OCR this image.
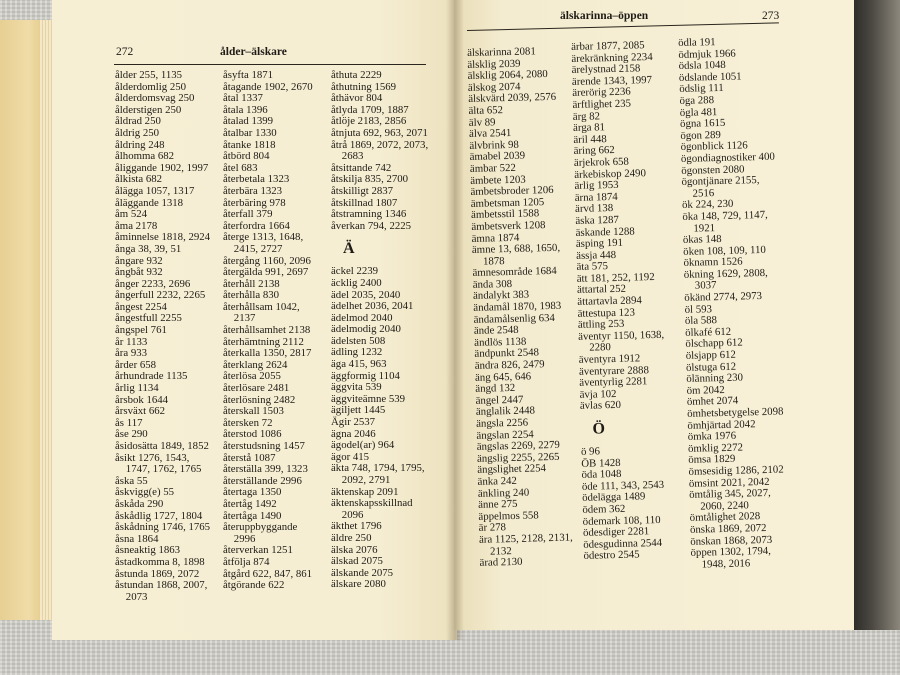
272	ålder–älskare
älskarinna–öppen	273
ålder 255, 1135
ålderdomlig 250
ålderdomsvag 250
ålderstigen 250
åldrad 250
åldrig 250
åldring 248
ålhomma 682
åliggande 1902, 1997
ålkista 682
ålägga 1057, 1317
åläggande 1318
åm 524
åma 2178
åminnelse 1818, 2924
ånga 38, 39, 51
ångare 932
ångbåt 932
ånger 2233, 2696
ångerfull 2232, 2265
ångest 2254
ångestfull 2255
ångspel 761
år 1133
åra 933
årder 658
århundrade 1135
årlig 1134
årsbok 1644
årsväxt 662
ås 117
åse 290
åsidosätta 1849, 1852
åsikt 1276, 1543,
1747, 1762, 1765
åska 55
åskvigg(e) 55
åskåda 290
åskådlig 1727, 1804
åskådning 1746, 1765
åsna 1864
åsneaktig 1863
åstadkomma 8, 1898
åstunda 1869, 2072
åstundan 1868, 2007,
2073
åsyfta 1871
åtagande 1902, 2670
åtal 1337
åtala 1396
åtalad 1399
åtalbar 1330
åtanke 1818
åtbörd 804
åtel 683
återbetala 1323
återbära 1323
återbäring 978
återfall 379
återfordra 1664
återge 1313, 1648,
2415, 2727
återgång 1160, 2096
återgälda 991, 2697
återhåll 2138
återhålla 830
återhållsam 1042,
2137
återhållsamhet 2138
återhämtning 2112
återkalla 1350, 2817
återklang 2624
återlösa 2055
återlösare 2481
återlösning 2482
återskall 1503
återsken 72
återstod 1086
återstudsning 1457
återstå 1087
återställa 399, 1323
återställande 2996
återtaga 1350
återtåg 1492
återtåga 1490
återuppbyggande
2996
återverkan 1251
åtfölja 874
åtgård 622, 847, 861
åtgörande 622
åthuta 2229
åthutning 1569
åthävor 804
åtlyda 1709, 1887
åtlöje 2183, 2856
åtnjuta 692, 963, 2071
åtrå 1869, 2072, 2073,
2683
åtsittande 742
åtskilja 835, 2700
åtskilligt 2837
åtskillnad 1807
åtstramning 1346
åverkan 794, 2225
Ä
äckel 2239
äcklig 2400
ädel 2035, 2040
ädelhet 2036, 2041
ädelmod 2040
ädelmodig 2040
ädelsten 508
ädling 1232
äga 415, 963
äggformig 1104
äggvita 539
äggviteämne 539
ägiljett 1445
Ägir 2537
ägna 2046
ägodel(ar) 964
ägor 415
äkta 748, 1794, 1795,
2092, 2791
äktenskap 2091
äktenskapsskillnad
2096
äkthet 1796
äldre 250
älska 2076
älskad 2075
älskande 2075
älskare 2080
älskarinna 2081
älsklig 2039
älsklig 2064, 2080
älskog 2074
älskvärd 2039, 2576
älta 652
älv 89
älva 2541
älvbrink 98
ämabel 2039
ämbar 522
ämbete 1203
ämbetsbroder 1206
ämbetsman 1205
ämbetsstil 1588
ämbetsverk 1208
ämna 1874
ämne 13, 688, 1650,
1878
ämnesområde 1684
ända 308
ändalykt 383
ändamål 1870, 1983
ändamålsenlig 634
ände 2548
ändlös 1138
ändpunkt 2548
ändra 826, 2479
äng 645, 646
ängd 132
ängel 2447
änglalik 2448
ängsla 2256
ängslan 2254
ängslas 2269, 2279
ängslig 2255, 2265
ängslighet 2254
änka 242
änkling 240
änne 275
äppelmos 558
är 278
ära 1125, 2128, 2131,
2132
ärad 2130
ärbar 1877, 2085
ärekränkning 2234
ärelystnad 2158
ärende 1343, 1997
ärerörig 2236
ärftlighet 235
ärg 82
ärga 81
äril 448
äring 662
ärjekrok 658
ärkebiskop 2490
ärlig 1953
ärna 1874
ärvd 138
äska 1287
äskande 1288
äsping 191
ässja 448
äta 575
ätt 181, 252, 1192
ättartal 252
ättartavla 2894
ättestupa 123
ättling 253
äventyr 1150, 1638,
2280
äventyra 1912
äventyrare 2888
äventyrlig 2281
ävja 102
ävlas 620
Ö
ö 96
ÖB 1428
öda 1048
öde 111, 343, 2543
ödelägga 1489
ödem 362
ödemark 108, 110
ödesdiger 2281
ödesgudinna 2544
ödestro 2545
ödla 191
ödmjuk 1966
ödsla 1048
ödslande 1051
ödslig 111
öga 288
ögla 481
ögna 1615
ögon 289
ögonblick 1126
ögondiagnostiker 400
ögonsten 2080
ögontjänare 2155,
2516
ök 224, 230
öka 148, 729, 1147,
1921
ökas 148
öken 108, 109, 110
öknamn 1526
ökning 1629, 2808,
3037
ökänd 2774, 2973
öl 593
öla 588
ölkafé 612
ölschapp 612
ölsjapp 612
ölstuga 612
ölänning 230
öm 2042
ömhet 2074
ömhetsbetygelse 2098
ömhjärtad 2042
ömka 1976
ömklig 2272
ömsa 1829
ömsesidig 1286, 2102
ömsint 2021, 2042
ömtålig 345, 2027,
2060, 2240
ömtålighet 2028
önska 1869, 2072
önskan 1868, 2073
öppen 1302, 1794,
1948, 2016
